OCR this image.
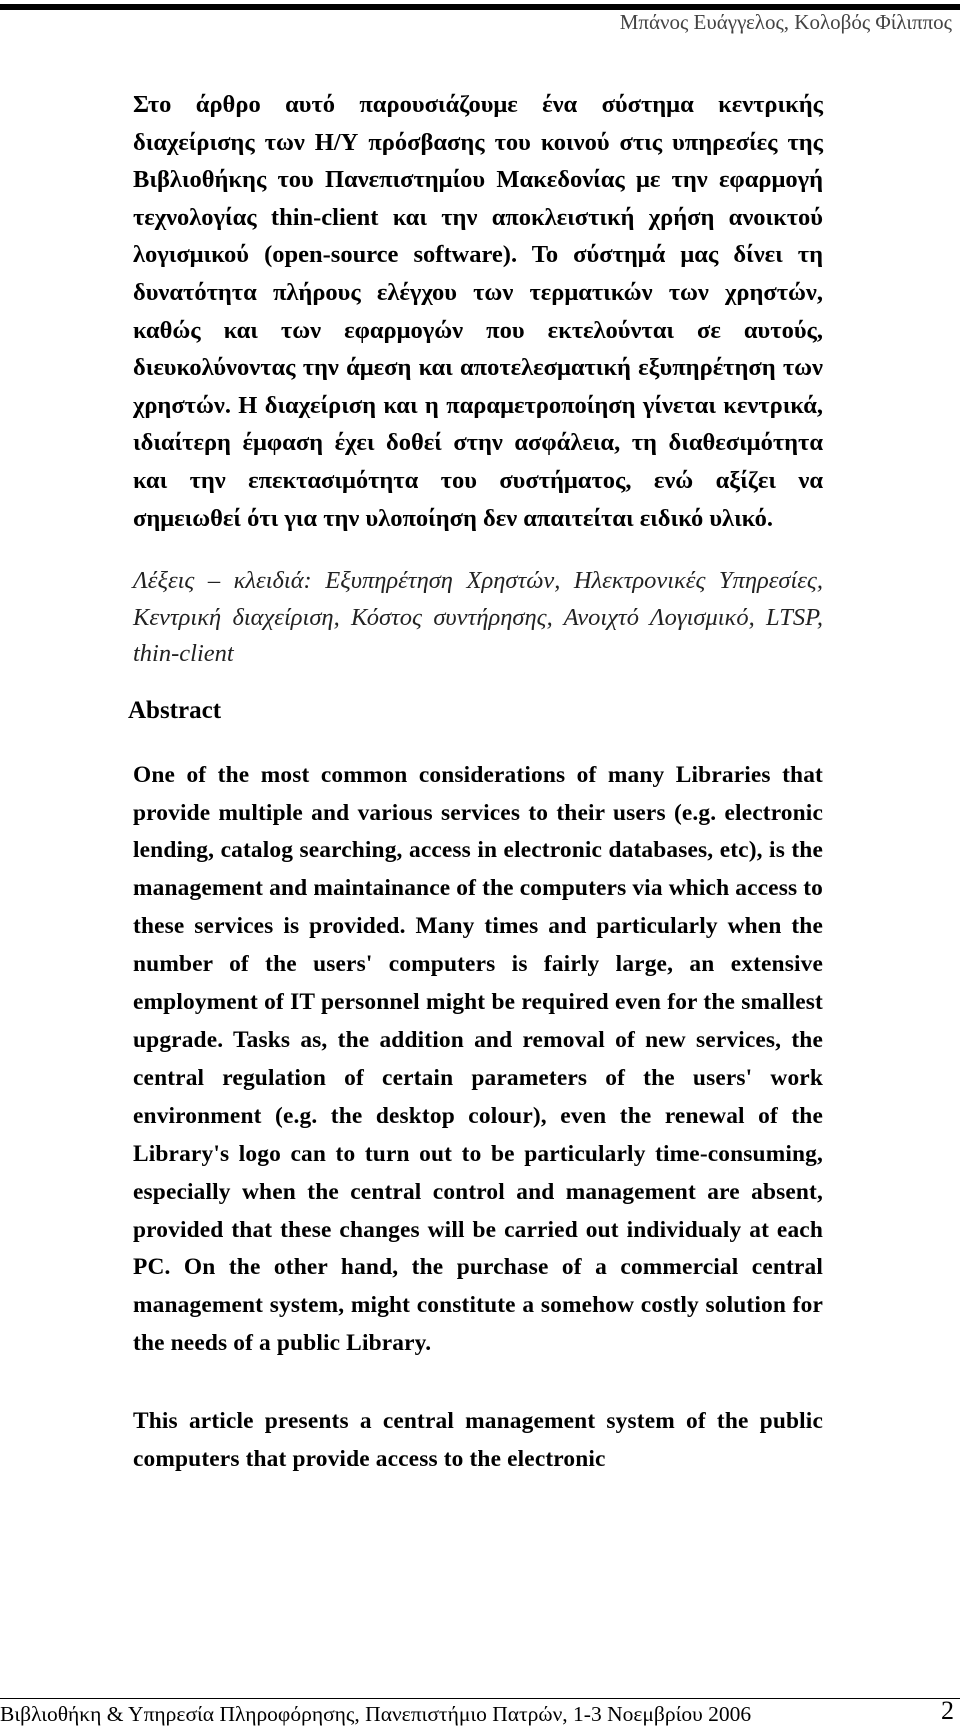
Μπάνος Ευάγγελος, Κολοβός Φίλιππος

Στο άρθρο αυτό παρουσιάζουμε ένα σύστημα κεντρικής διαχείρισης των Η/Υ πρόσβασης του κοινού στις υπηρεσίες της Βιβλιοθήκης του Πανεπιστημίου Μακεδονίας με την εφαρμογή τεχνολογίας thin-client και την αποκλειστική χρήση ανοικτού λογισμικού (open-source software). Το σύστημά μας δίνει τη δυνατότητα πλήρους ελέγχου των τερματικών των χρηστών, καθώς και των εφαρμογών που εκτελούνται σε αυτούς, διευκολύνοντας την άμεση και αποτελεσματική εξυπηρέτηση των χρηστών. Η διαχείριση και η παραμετροποίηση γίνεται κεντρικά, ιδιαίτερη έμφαση έχει δοθεί στην ασφάλεια, τη διαθεσιμότητα και την επεκτασιμότητα του συστήματος, ενώ αξίζει να σημειωθεί ότι για την υλοποίηση δεν απαιτείται ειδικό υλικό.

Λέξεις – κλειδιά: Εξυπηρέτηση Χρηστών, Ηλεκτρονικές Υπηρεσίες, Κεντρική διαχείριση, Κόστος συντήρησης, Ανοιχτό Λογισμικό, LTSP, thin-client

Abstract

One of the most common considerations of many Libraries that provide multiple and various services to their users (e.g. electronic lending, catalog searching, access in electronic databases, etc), is the management and maintainance of the computers via which access to these services is provided. Many times and particularly when the number of the users' computers is fairly large, an extensive employment of IT personnel might be required even for the smallest upgrade. Tasks as, the addition and removal of new services, the central regulation of certain parameters of the users' work environment (e.g. the desktop colour), even the renewal of the Library's logo can to turn out to be particularly time-consuming, especially when the central control and management are absent, provided that these changes will be carried out individualy at each PC. On the other hand, the purchase of a commercial central management system, might constitute a somehow costly solution for the needs of a public Library.

This article presents a central management system of the public computers that provide access to the electronic

Βιβλιοθήκη & Υπηρεσία Πληροφόρησης, Πανεπιστήμιο Πατρών, 1-3 Νοεμβρίου 2006	2
